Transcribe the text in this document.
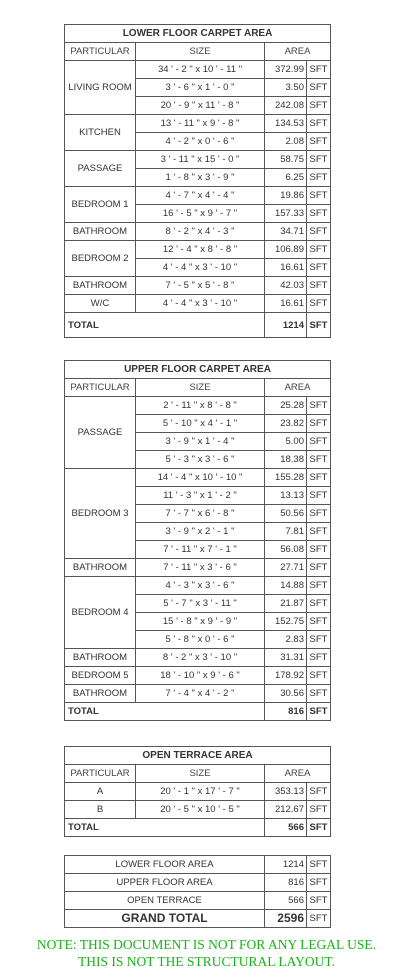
LOWER FLOOR CARPET AREA			
PARTICULAR	SIZE	AREA	
LIVING ROOM	34 ' - 2 " x 10 ' - 11 "	372.99	SFT
	3 ' - 6 " x 1 ' - 0 "	3.50	SFT
	20 ' - 9 " x 11 ' - 8 "	242.08	SFT
KITCHEN	13 ' - 11 " x 9 ' - 8 "	134.53	SFT
	4 ' - 2 " x 0 ' - 6 "	2.08	SFT
PASSAGE	3 ' - 11 " x 15 ' - 0 "	58.75	SFT
	1 ' - 8 " x 3 ' - 9 "	6.25	SFT
BEDROOM 1	4 ' - 7 " x 4 ' - 4 "	19.86	SFT
	16 ' - 5 " x 9 ' - 7 "	157.33	SFT
BATHROOM	8 ' - 2 " x 4 ' - 3 "	34.71	SFT
BEDROOM 2	12 ' - 4 " x 8 ' - 8 "	106.89	SFT
	4 ' - 4 " x 3 ' - 10 "	16.61	SFT
BATHROOM	7 ' - 5 " x 5 ' - 8 "	42.03	SFT
W/C	4 ' - 4 " x 3 ' - 10 "	16.61	SFT
TOTAL		1214	SFT
UPPER FLOOR CARPET AREA			
PARTICULAR	SIZE	AREA	
PASSAGE	2 ' - 11 " x 8 ' - 8 "	25.28	SFT
	5 ' - 10 " x 4 ' - 1 "	23.82	SFT
	3 ' - 9 " x 1 ' - 4 "	5.00	SFT
	5 ' - 3 " x 3 ' - 6 "	18.38	SFT
BEDROOM 3	14 ' - 4 " x 10 ' - 10 "	155.28	SFT
	11 ' - 3 " x 1 ' - 2 "	13.13	SFT
	7 ' - 7 " x 6 ' - 8 "	50.56	SFT
	3 ' - 9 " x 2 ' - 1 "	7.81	SFT
	7 ' - 11 " x 7 ' - 1 "	56.08	SFT
BATHROOM	7 ' - 11 " x 3 ' - 6 "	27.71	SFT
BEDROOM 4	4 ' - 3 " x 3 ' - 6 "	14.88	SFT
	5 ' - 7 " x 3 ' - 11 "	21.87	SFT
	15 ' - 8 " x 9 ' - 9 "	152.75	SFT
	5 ' - 8 " x 0 ' - 6 "	2.83	SFT
BATHROOM	8 ' - 2 " x 3 ' - 10 "	31.31	SFT
BEDROOM 5	18 ' - 10 " x 9 ' - 6 "	178.92	SFT
BATHROOM	7 ' - 4 " x 4 ' - 2 "	30.56	SFT
TOTAL		816	SFT
OPEN TERRACE AREA			
PARTICULAR	SIZE	AREA	
A	20 ' - 1 " x 17 ' - 7 "	353.13	SFT
B	20 ' - 5 " x 10 ' - 5 "	212.67	SFT
TOTAL		566	SFT
LOWER FLOOR AREA	1214	SFT
UPPER FLOOR AREA	816	SFT
OPEN TERRACE	566	SFT
GRAND TOTAL	2596	SFT
NOTE: THIS DOCUMENT IS NOT FOR ANY LEGAL USE.
THIS IS NOT THE STRUCTURAL LAYOUT.
